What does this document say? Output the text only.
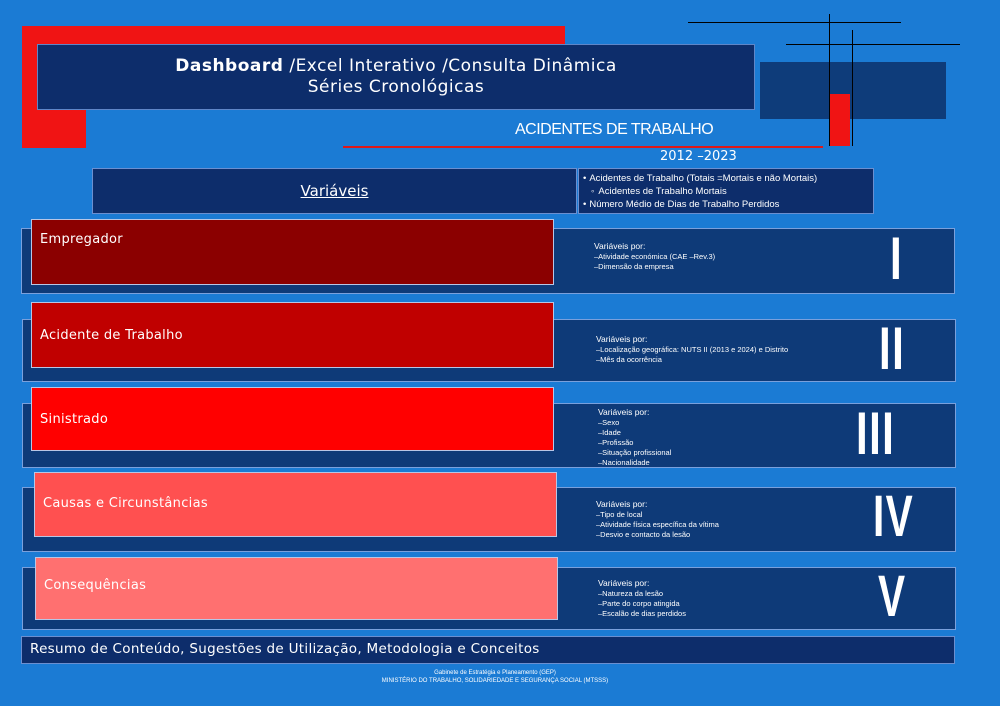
Dashboard /Excel Interativo /Consulta Dinâmica
Séries Cronológicas
ACIDENTES DE TRABALHO
2012 –2023
Variáveis
• Acidentes de Trabalho (Totais =Mortais e não Mortais)
◦ Acidentes de Trabalho Mortais
• Número Médio de Dias de Trabalho Perdidos
Empregador	Variáveis por:
–Atividade económica (CAE –Rev.3)
–Dimensão da empresa	I
Acidente de Trabalho	Variáveis por:
–Localização geográfica: NUTS II (2013 e 2024) e Distrito
–Mês da ocorrência	II
Sinistrado	Variáveis por:
–Sexo
–Idade
–Profissão
–Situação profissional
–Nacionalidade	III
Causas e Circunstâncias	Variáveis por:
–Tipo de local
–Atividade física específica da vítima
–Desvio e contacto da lesão	IV
Consequências	Variáveis por:
–Natureza da lesão
–Parte do corpo atingida
–Escalão de dias perdidos	V
Resumo de Conteúdo, Sugestões de Utilização, Metodologia e Conceitos
Gabinete de Estratégia e Planeamento (GEP)
MINISTÉRIO DO TRABALHO, SOLIDARIEDADE E SEGURANÇA SOCIAL (MTSSS)
